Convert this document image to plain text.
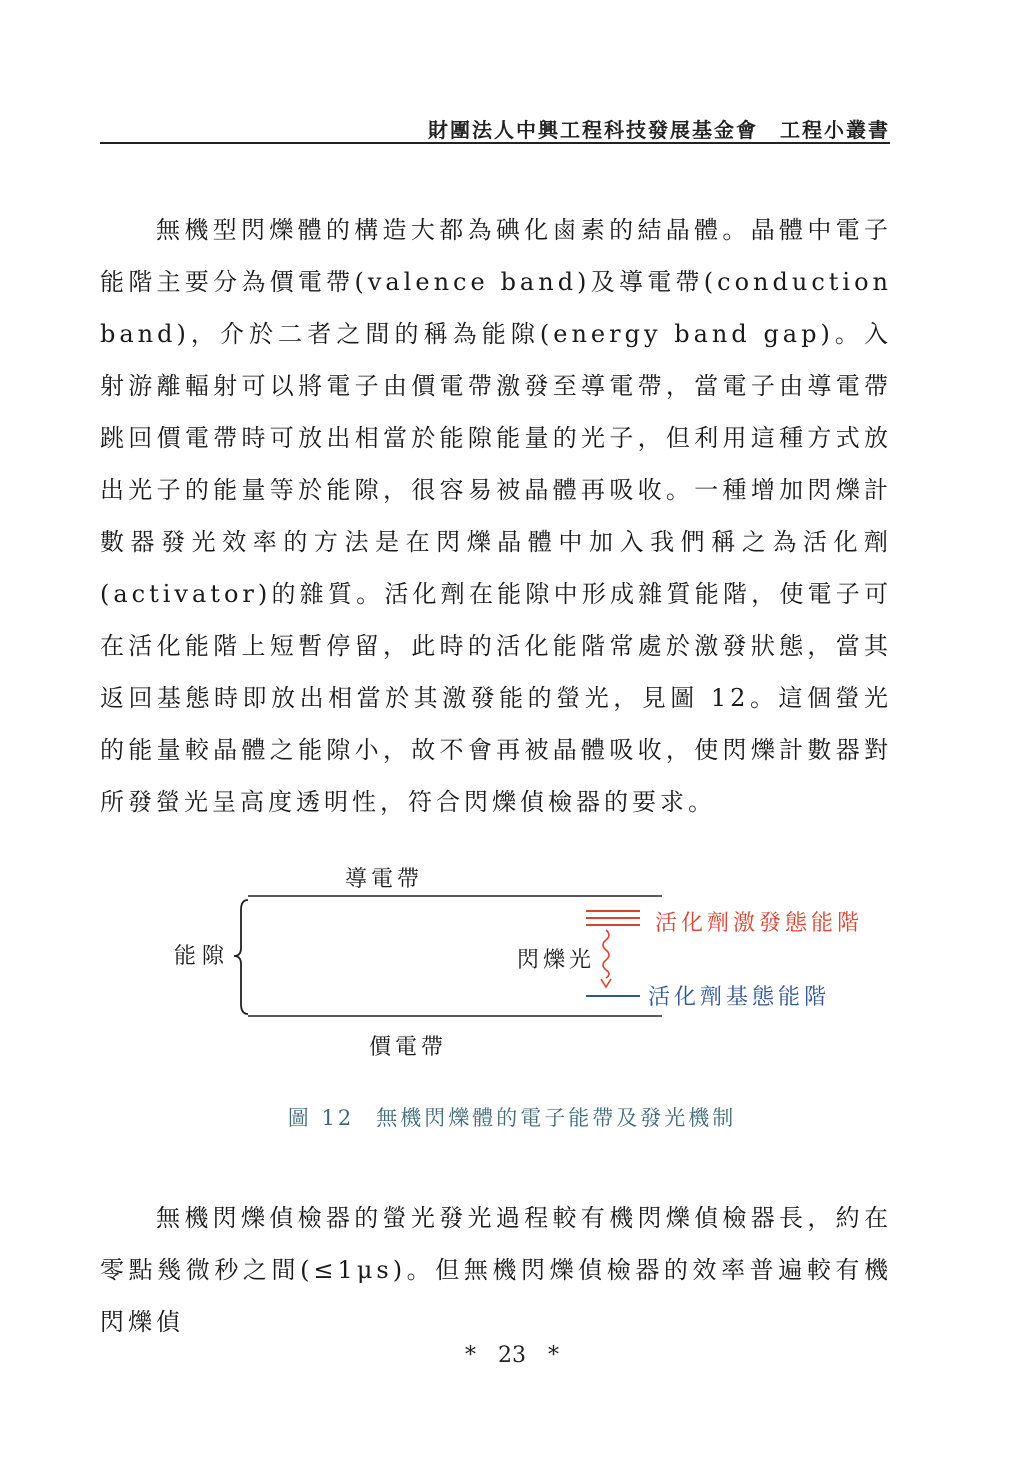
財團法人中興工程科技發展基金會　工程小叢書
無機型閃爍體的構造大都為碘化鹵素的結晶體。晶體中電子能階主要分為價電帶(valence band)及導電帶(conduction band)，介於二者之間的稱為能隙(energy band gap)。入射游離輻射可以將電子由價電帶激發至導電帶，當電子由導電帶跳回價電帶時可放出相當於能隙能量的光子，但利用這種方式放出光子的能量等於能隙，很容易被晶體再吸收。一種增加閃爍計數器發光效率的方法是在閃爍晶體中加入我們稱之為活化劑(activator)的雜質。活化劑在能隙中形成雜質能階，使電子可在活化能階上短暫停留，此時的活化能階常處於激發狀態，當其返回基態時即放出相當於其激發能的螢光，見圖 12。這個螢光的能量較晶體之能隙小，故不會再被晶體吸收，使閃爍計數器對所發螢光呈高度透明性，符合閃爍偵檢器的要求。
導電帶
價電帶
能隙
活化劑激發態能階
閃爍光
活化劑基態能階
圖 12 無機閃爍體的電子能帶及發光機制
無機閃爍偵檢器的螢光發光過程較有機閃爍偵檢器長，約在零點幾微秒之間(≤1μs)。但無機閃爍偵檢器的效率普遍較有機閃爍偵
* 23 *
